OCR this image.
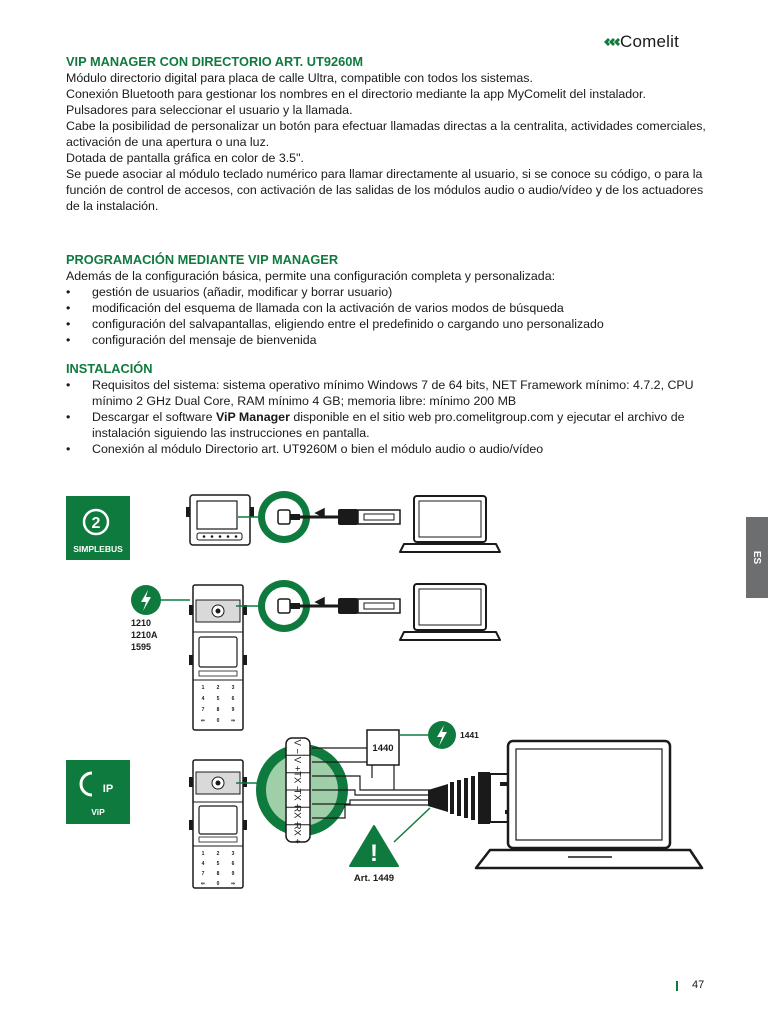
Comelit
VIP MANAGER CON DIRECTORIO ART. UT9260M

Módulo directorio digital para placa de calle Ultra, compatible con todos los sistemas.

Conexión Bluetooth para gestionar los nombres en el directorio mediante la app MyComelit del instalador.

Pulsadores para seleccionar el usuario y la llamada.

Cabe la posibilidad de personalizar un botón para efectuar llamadas directas a la centralita, actividades comerciales, activación de una apertura o una luz.

Dotada de pantalla gráfica en color de 3.5".

Se puede asociar al módulo teclado numérico para llamar directamente al usuario, si se conoce su código, o para la función de control de accesos, con activación de las salidas de los módulos audio o audio/vídeo y de los actuadores de la instalación.

PROGRAMACIÓN MEDIANTE VIP MANAGER

Además de la configuración básica, permite una configuración completa y personalizada:

• gestión de usuarios (añadir, modificar y borrar usuario)
• modificación del esquema de llamada con la activación de varios modos de búsqueda
• configuración del salvapantallas, eligiendo entre el predefinido o cargando uno personalizado
• configuración del mensaje de bienvenida
INSTALACIÓN
• Requisitos del sistema: sistema operativo mínimo Windows 7 de 64 bits, NET Framework mínimo: 4.7.2, CPU mínimo 2 GHz Dual Core, RAM mínimo 4 GB; memoria libre: mínimo 200 MB
• Descargar el software ViP Manager disponible en el sitio web pro.comelitgroup.com y ejecutar el archivo de instalación siguiendo las instrucciones en pantalla.
• Conexión al módulo Directorio art. UT9260M o bien el módulo audio o audio/vídeo
2
SIMPLEBUS
1210
1210A
1595
1 2 3
4 5 6
7 8 9
⇐ 0 ⇒
IP
ViP
1 2 3
4 5 6
7 8 9
⇐ 0 ⇒
V −
V +
TX −
TX +
RX −
RX +
1440
1441
!
Art. 1449
ES
47
